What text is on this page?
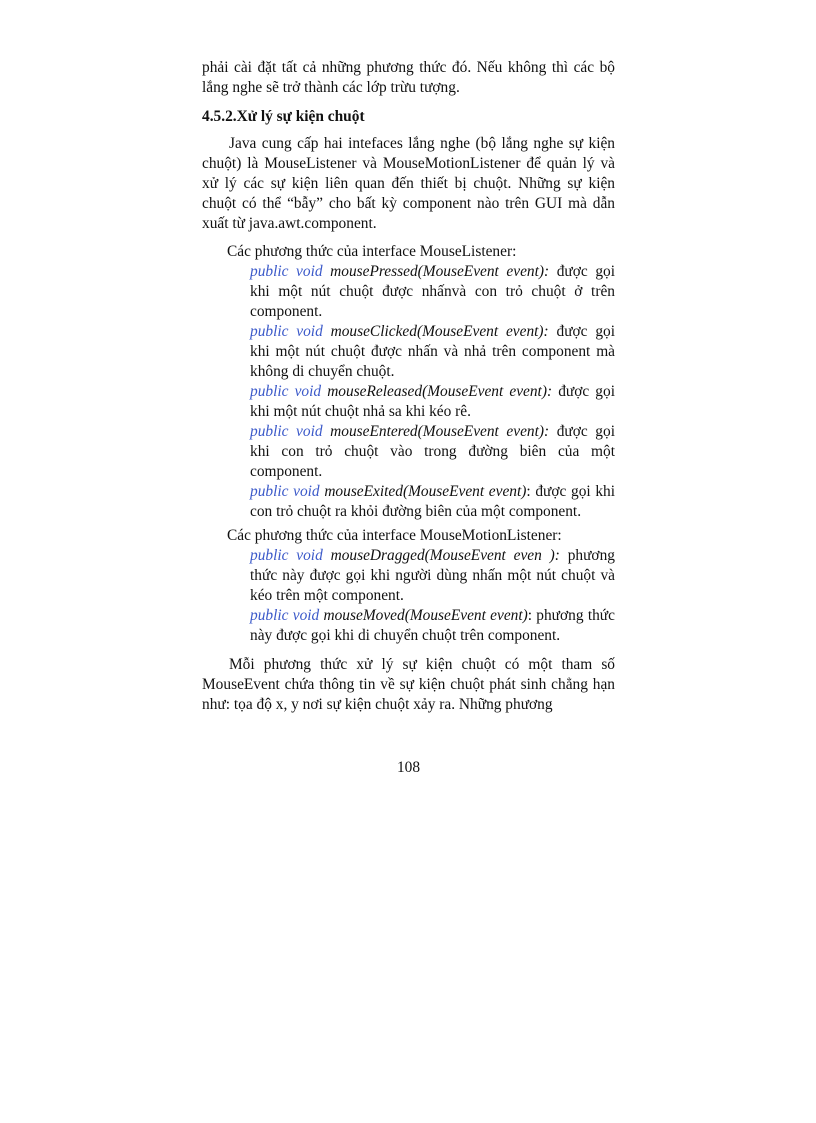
phải cài đặt tất cả những phương thức đó. Nếu không thì các bộ lắng nghe sẽ trở thành các lớp trừu tượng.

4.5.2.Xử lý sự kiện chuột

Java cung cấp hai intefaces lắng nghe (bộ lắng nghe sự kiện chuột) là MouseListener và MouseMotionListener để quản lý và xử lý các sự kiện liên quan đến thiết bị chuột. Những sự kiện chuột có thể “bẫy” cho bất kỳ component nào trên GUI mà dẫn xuất từ java.awt.component.

Các phương thức của interface MouseListener:

public void mousePressed(MouseEvent event): được gọi khi một nút chuột được nhấnvà con trỏ chuột ở trên component.

public void mouseClicked(MouseEvent event): được gọi khi một nút chuột được nhấn và nhả trên component mà không di chuyển chuột.

public void mouseReleased(MouseEvent event): được gọi khi một nút chuột nhả sa khi kéo rê.

public void mouseEntered(MouseEvent event): được gọi khi con trỏ chuột vào trong đường biên của một component.

public void mouseExited(MouseEvent event): được gọi khi con trỏ chuột ra khỏi đường biên của một component.

Các phương thức của interface MouseMotionListener:

public void mouseDragged(MouseEvent even ): phương thức này được gọi khi người dùng nhấn một nút chuột và kéo trên một component.

public void mouseMoved(MouseEvent event): phương thức này được gọi khi di chuyển chuột trên component.

Mỗi phương thức xử lý sự kiện chuột có một tham số MouseEvent chứa thông tin về sự kiện chuột phát sinh chẳng hạn như: tọa độ x, y nơi sự kiện chuột xảy ra. Những phương

108
